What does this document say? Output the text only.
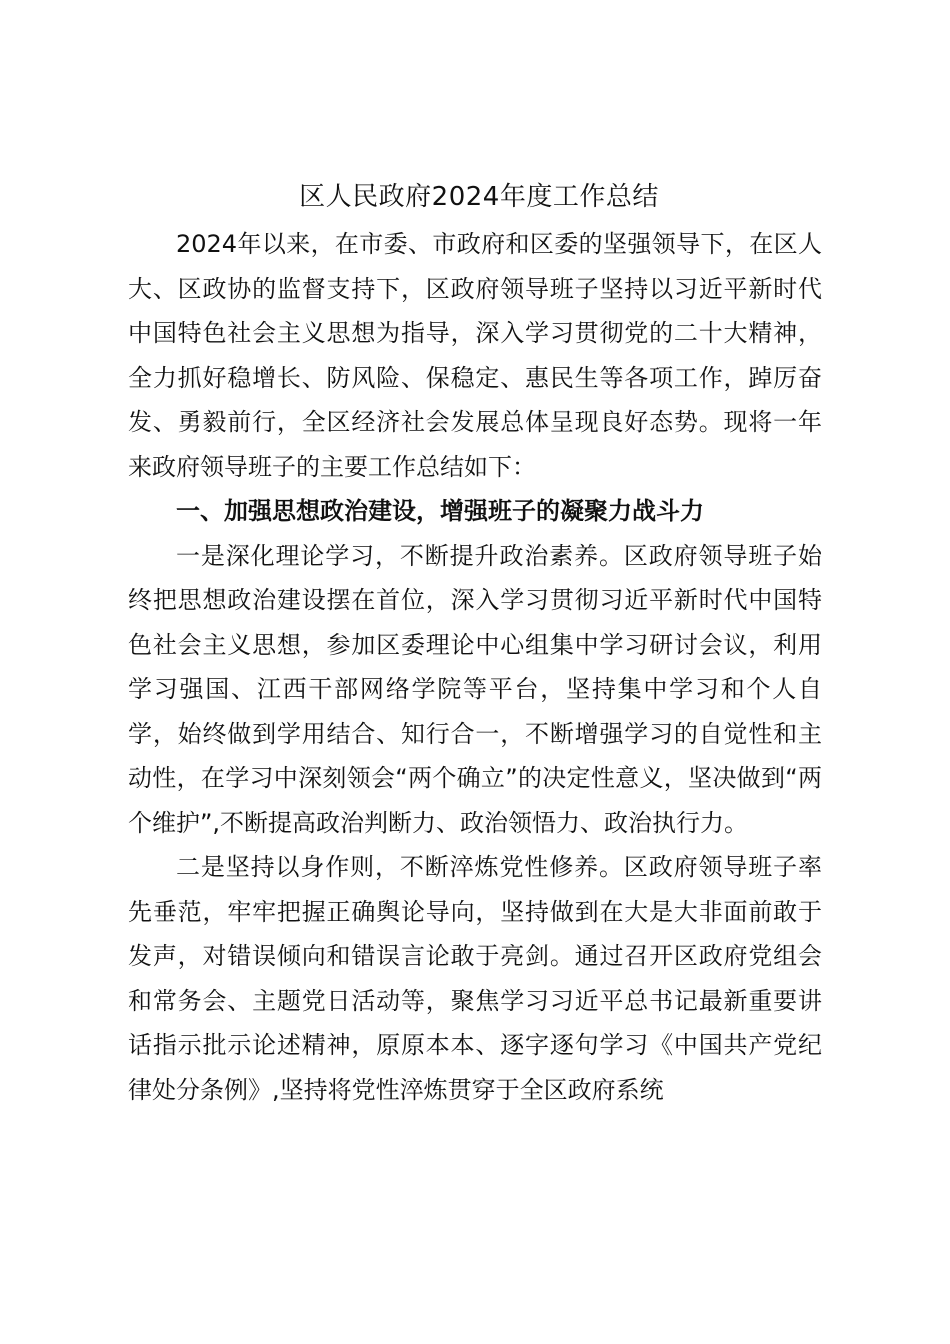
区人民政府2024年度工作总结

2024年以来，在市委、市政府和区委的坚强领导下，在区人大、区政协的监督支持下，区政府领导班子坚持以习近平新时代中国特色社会主义思想为指导，深入学习贯彻党的二十大精神，全力抓好稳增长、防风险、保稳定、惠民生等各项工作，踔厉奋发、勇毅前行，全区经济社会发展总体呈现良好态势。现将一年来政府领导班子的主要工作总结如下：

一、加强思想政治建设，增强班子的凝聚力战斗力

一是深化理论学习，不断提升政治素养。区政府领导班子始终把思想政治建设摆在首位，深入学习贯彻习近平新时代中国特色社会主义思想，参加区委理论中心组集中学习研讨会议，利用学习强国、江西干部网络学院等平台，坚持集中学习和个人自学，始终做到学用结合、知行合一，不断增强学习的自觉性和主动性，在学习中深刻领会“两个确立”的决定性意义，坚决做到“两个维护”,不断提高政治判断力、政治领悟力、政治执行力。

二是坚持以身作则，不断淬炼党性修养。区政府领导班子率先垂范，牢牢把握正确舆论导向，坚持做到在大是大非面前敢于发声，对错误倾向和错误言论敢于亮剑。通过召开区政府党组会和常务会、主题党日活动等，聚焦学习习近平总书记最新重要讲话指示批示论述精神，原原本本、逐字逐句学习《中国共产党纪律处分条例》,坚持将党性淬炼贯穿于全区政府系统
